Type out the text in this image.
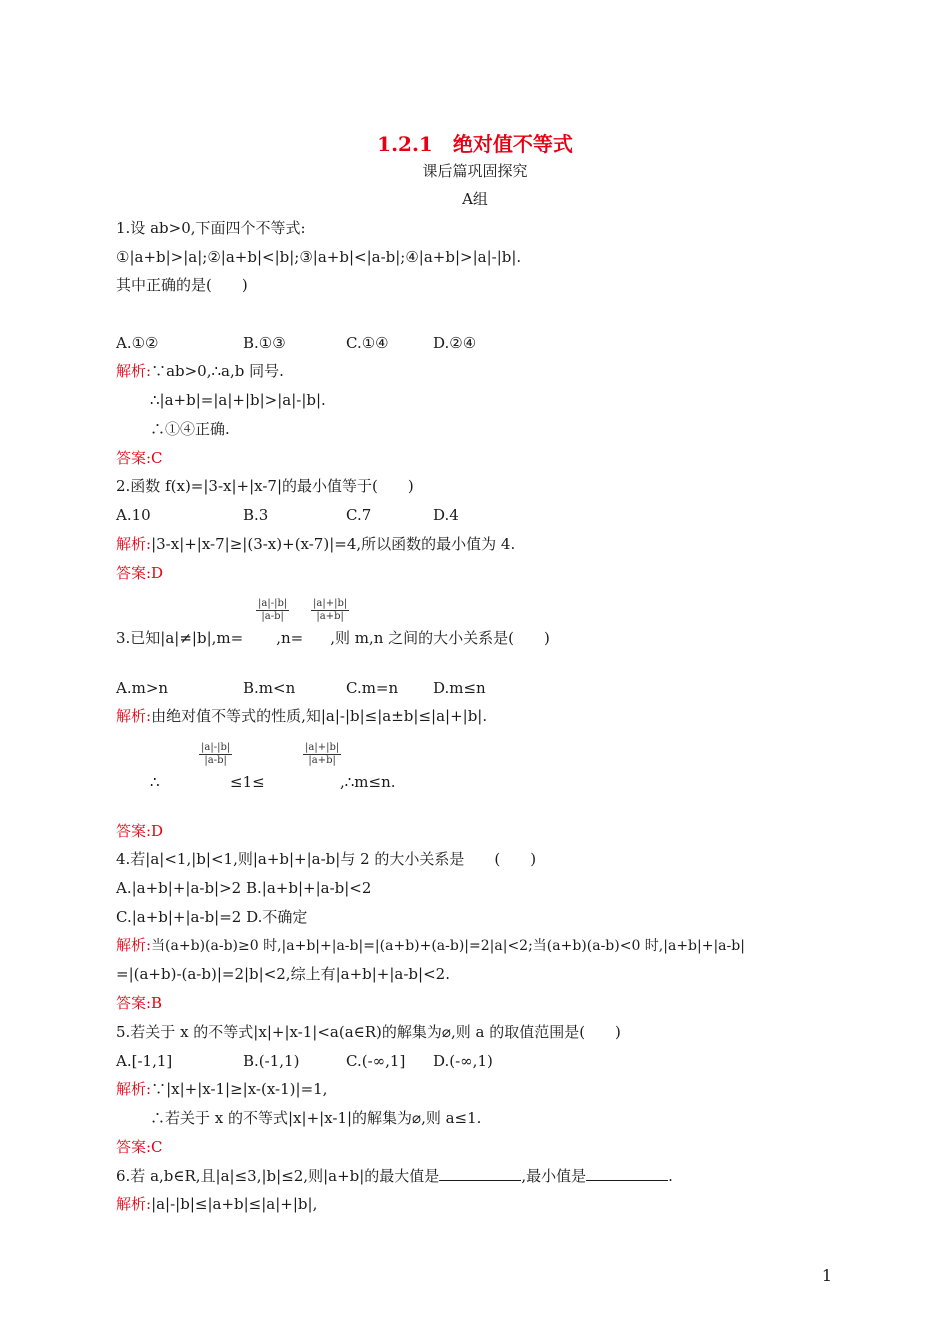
1.2.1　绝对值不等式
课后篇巩固探究
A组
1.设 ab>0,下面四个不等式:
①|a+b|>|a|;②|a+b|<|b|;③|a+b|<|a-b|;④|a+b|>|a|-|b|.
其中正确的是(　　)
A.①②	B.①③	C.①④	D.②④
解析:∵ab>0,∴a,b 同号.
∴|a+b|=|a|+|b|>|a|-|b|.
∴①④正确.
答案:C
2.函数 f(x)=|3-x|+|x-7|的最小值等于(　　)
A.10	B.3	C.7	D.4
解析:|3-x|+|x-7|≥|(3-x)+(x-7)|=4,所以函数的最小值为 4.
答案:D
$\frac{|a|-|b|}{|a-b|} \frac{|a|+|b|}{|a+b|}$
3.已知|a|≠|b|,m= ,n= ,则 m,n 之间的大小关系是(　　)
A.m>n	B.m<n	C.m=n D.m≤n
解析:由绝对值不等式的性质,知|a|-|b|≤|a±b|≤|a|+|b|.
$\frac{|a|-|b|}{|a-b|}$	$\frac{|a|+|b|}{|a+b|}$
∴	≤1≤	,∴m≤n.
答案:D
4.若|a|<1,|b|<1,则|a+b|+|a-b|与 2 的大小关系是　　(　　)
A.|a+b|+|a-b|>2 B.|a+b|+|a-b|<2
C.|a+b|+|a-b|=2 D.不确定
解析:当(a+b)(a-b)≥0 时,|a+b|+|a-b|=|(a+b)+(a-b)|=2|a|<2;当(a+b)(a-b)<0 时,|a+b|+|a-b|
=|(a+b)-(a-b)|=2|b|<2,综上有|a+b|+|a-b|<2.
答案:B
5.若关于 x 的不等式|x|+|x-1|<a(a∈R)的解集为⌀,则 a 的取值范围是(　　)
A.[-1,1]	B.(-1,1)	C.(-∞,1] D.(-∞,1)
解析:∵|x|+|x-1|≥|x-(x-1)|=1,
∴若关于 x 的不等式|x|+|x-1|的解集为⌀,则 a≤1.
答案:C
6.若 a,b∈R,且|a|≤3,|b|≤2,则|a+b|的最大值是	,最小值是	.
解析:|a|-|b|≤|a+b|≤|a|+|b|,
1
